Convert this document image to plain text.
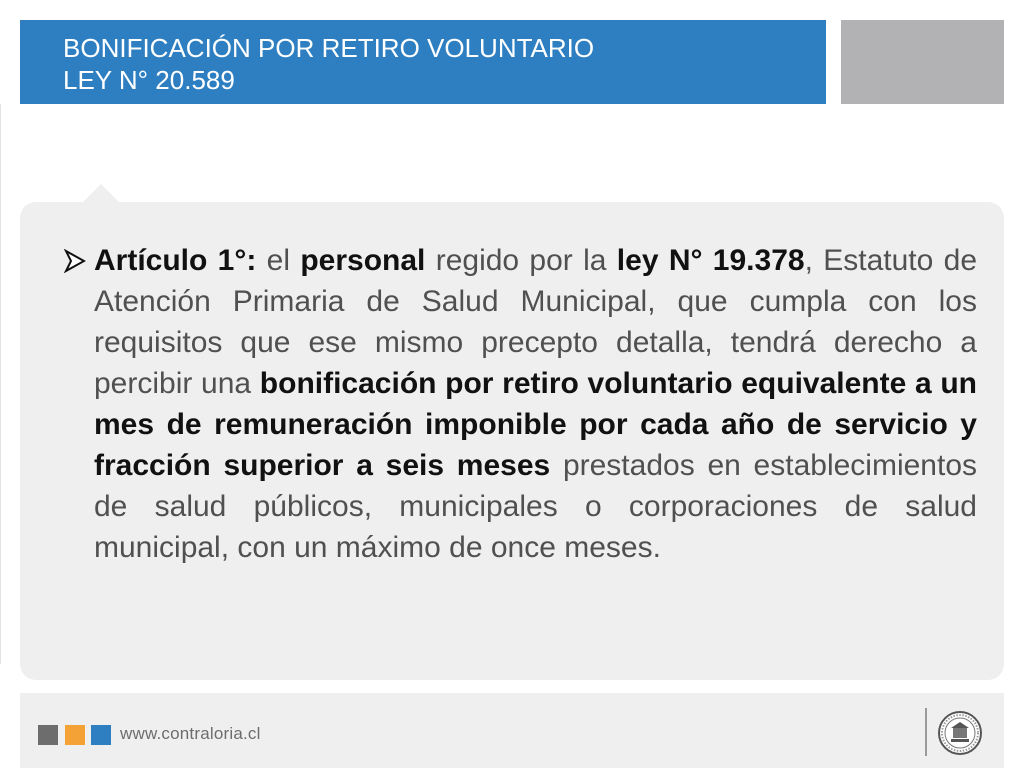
BONIFICACIÓN POR RETIRO VOLUNTARIO
LEY N° 20.589

Artículo 1°: el personal regido por la ley N° 19.378, Estatuto de Atención Primaria de Salud Municipal, que cumpla con los requisitos que ese mismo precepto detalla, tendrá derecho a percibir una bonificación por retiro voluntario equivalente a un mes de remuneración imponible por cada año de servicio y fracción superior a seis meses prestados en establecimientos de salud públicos, municipales o corporaciones de salud municipal, con un máximo de once meses.

www.contraloria.cl
